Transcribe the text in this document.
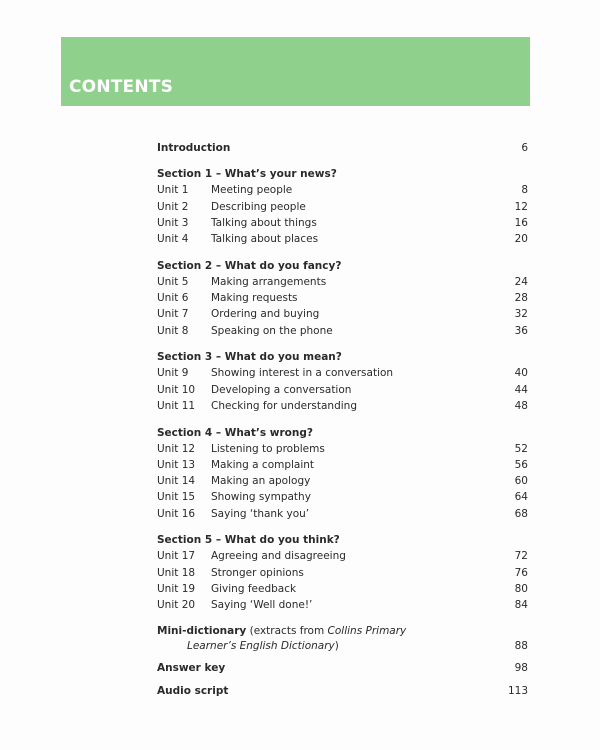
CONTENTS
Introduction	6
Section 1 – What’s your news?
Unit 1 Meeting people	8
Unit 2 Describing people	12
Unit 3 Talking about things	16
Unit 4 Talking about places	20
Section 2 – What do you fancy?
Unit 5 Making arrangements	24
Unit 6 Making requests	28
Unit 7 Ordering and buying	32
Unit 8 Speaking on the phone	36
Section 3 – What do you mean?
Unit 9 Showing interest in a conversation	40
Unit 10 Developing a conversation	44
Unit 11 Checking for understanding	48
Section 4 – What’s wrong?
Unit 12 Listening to problems	52
Unit 13 Making a complaint	56
Unit 14 Making an apology	60
Unit 15 Showing sympathy	64
Unit 16 Saying ‘thank you’	68
Section 5 – What do you think?
Unit 17 Agreeing and disagreeing	72
Unit 18 Stronger opinions	76
Unit 19 Giving feedback	80
Unit 20 Saying ‘Well done!’	84
Mini-dictionary (extracts from Collins Primary
Learner’s English Dictionary)	88
Answer key	98
Audio script	113
